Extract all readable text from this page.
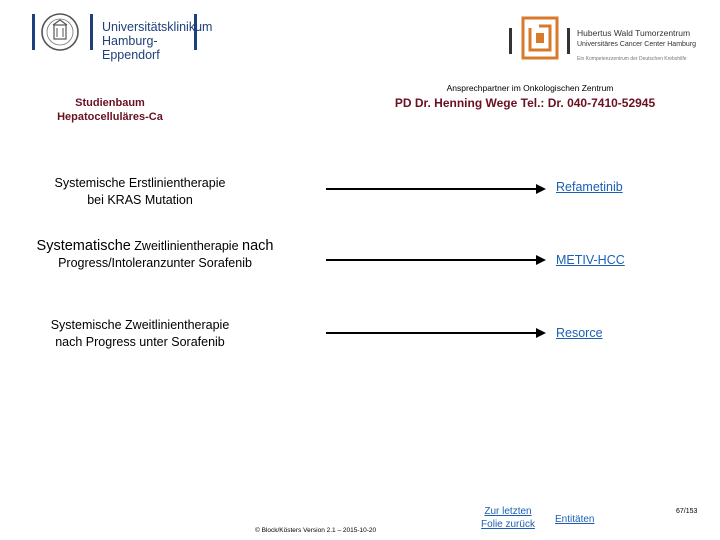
Universitätsklinikum
Hamburg-Eppendorf
Hubertus Wald Tumorzentrum
Universitäres Cancer Center Hamburg
Ein Kompetenzzentrum der Deutschen Krebshilfe
Studienbaum
Hepatocelluläres-Ca
Ansprechpartner im Onkologischen Zentrum
PD Dr. Henning Wege Tel.: Dr. 040-7410-52945
Systemische Erstlinientherapie
bei KRAS Mutation
Refametinib
Systematische Zweitlinientherapie nach
Progress/Intoleranzunter Sorafenib	METIV-HCC
Systemische Zweitlinientherapie
nach Progress unter Sorafenib
Resorce
© Block/Kösters Version 2.1 – 2015-10-20
Zur letzten
Folie zurück	Entitäten
67/153
